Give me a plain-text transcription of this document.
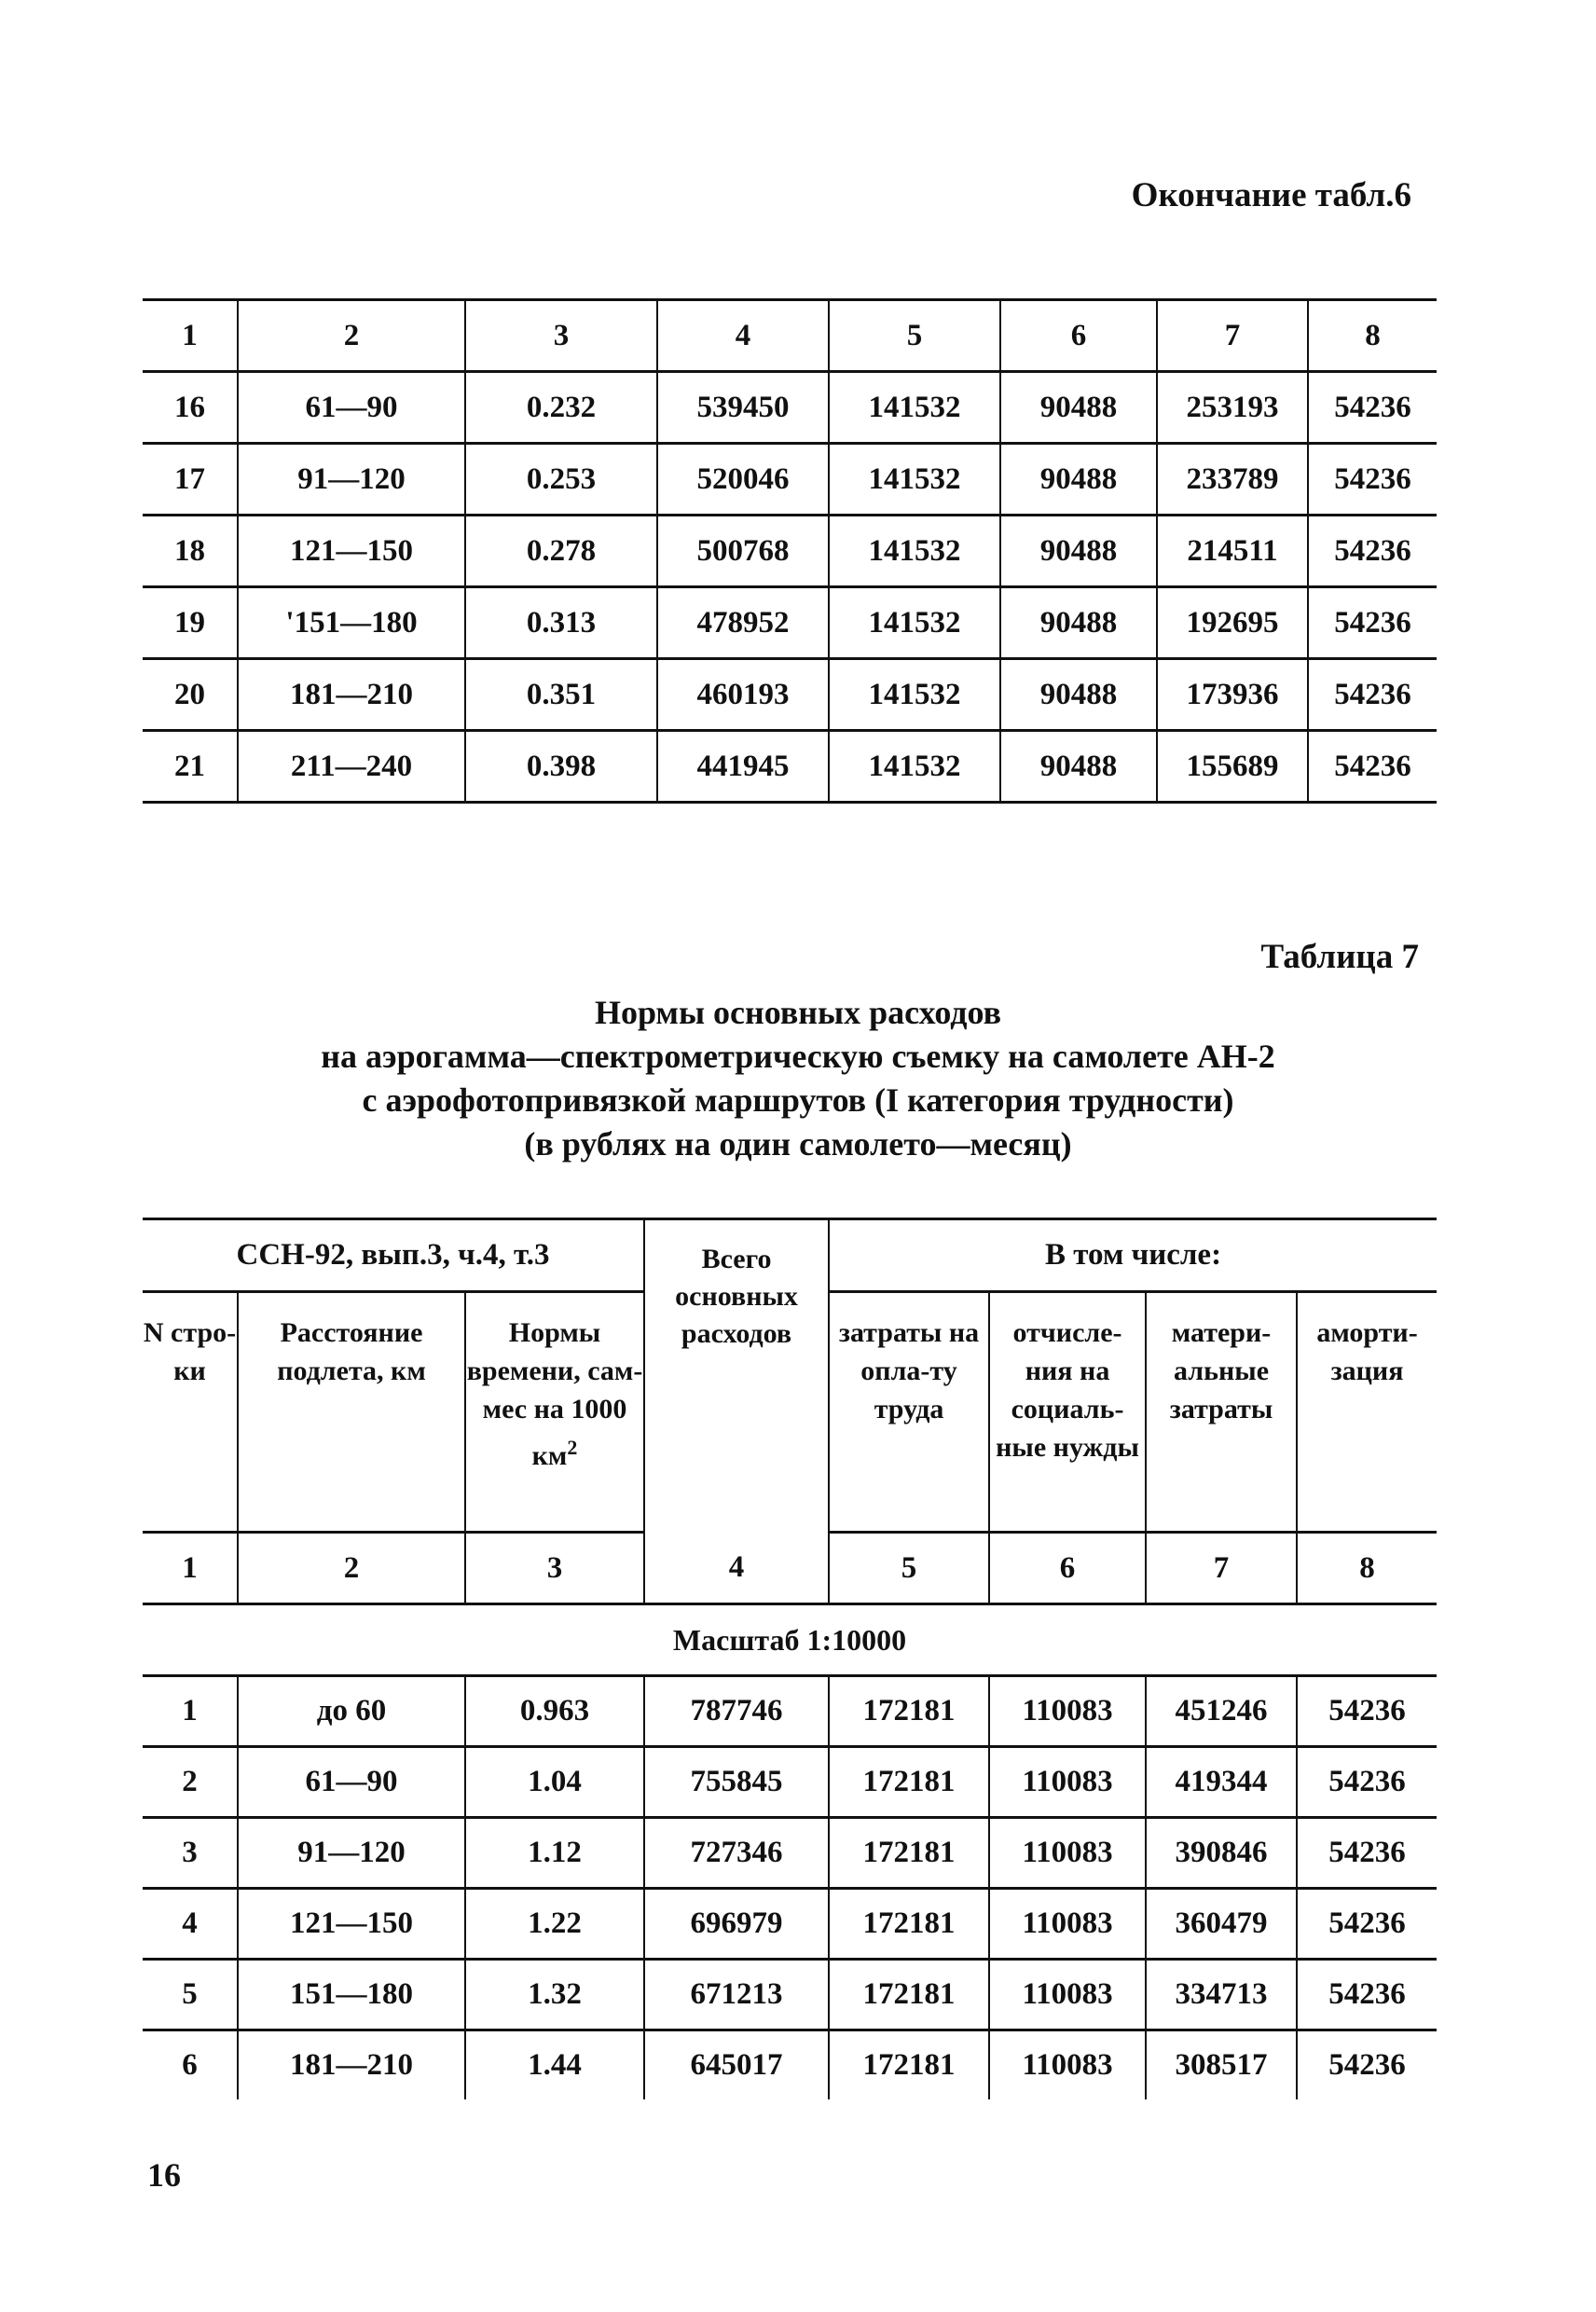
Окончание табл.6
1	2	3	4	5	6	7	8
16	61—90	0.232	539450	141532	90488	253193	54236
17	91—120	0.253	520046	141532	90488	233789	54236
18	121—150	0.278	500768	141532	90488	214511	54236
19	'151—180	0.313	478952	141532	90488	192695	54236
20	181—210	0.351	460193	141532	90488	173936	54236
21	211—240	0.398	441945	141532	90488	155689	54236
Таблица 7
Нормы основных расходов
на аэрогамма—спектрометрическую съемку на самолете АН-2
с аэрофотопривязкой маршрутов (I категория трудности)
(в рублях на один самолето—месяц)
ССН-92, вып.3, ч.4, т.3			Всего основных расходов	В том числе:			
N стро-ки	Расстояние подлета, км	Нормы времени, сам-мес на 1000 $км^2$		затраты на опла-ту труда	отчисле-ния на социаль-ные нужды	матери-альные затраты	аморти-зация
1	2	3	4	5	6	7	8
Масштаб 1:10000							
1	до 60	0.963	787746	172181	110083	451246	54236
2	61—90	1.04	755845	172181	110083	419344	54236
3	91—120	1.12	727346	172181	110083	390846	54236
4	121—150	1.22	696979	172181	110083	360479	54236
5	151—180	1.32	671213	172181	110083	334713	54236
6	181—210	1.44	645017	172181	110083	308517	54236
16
